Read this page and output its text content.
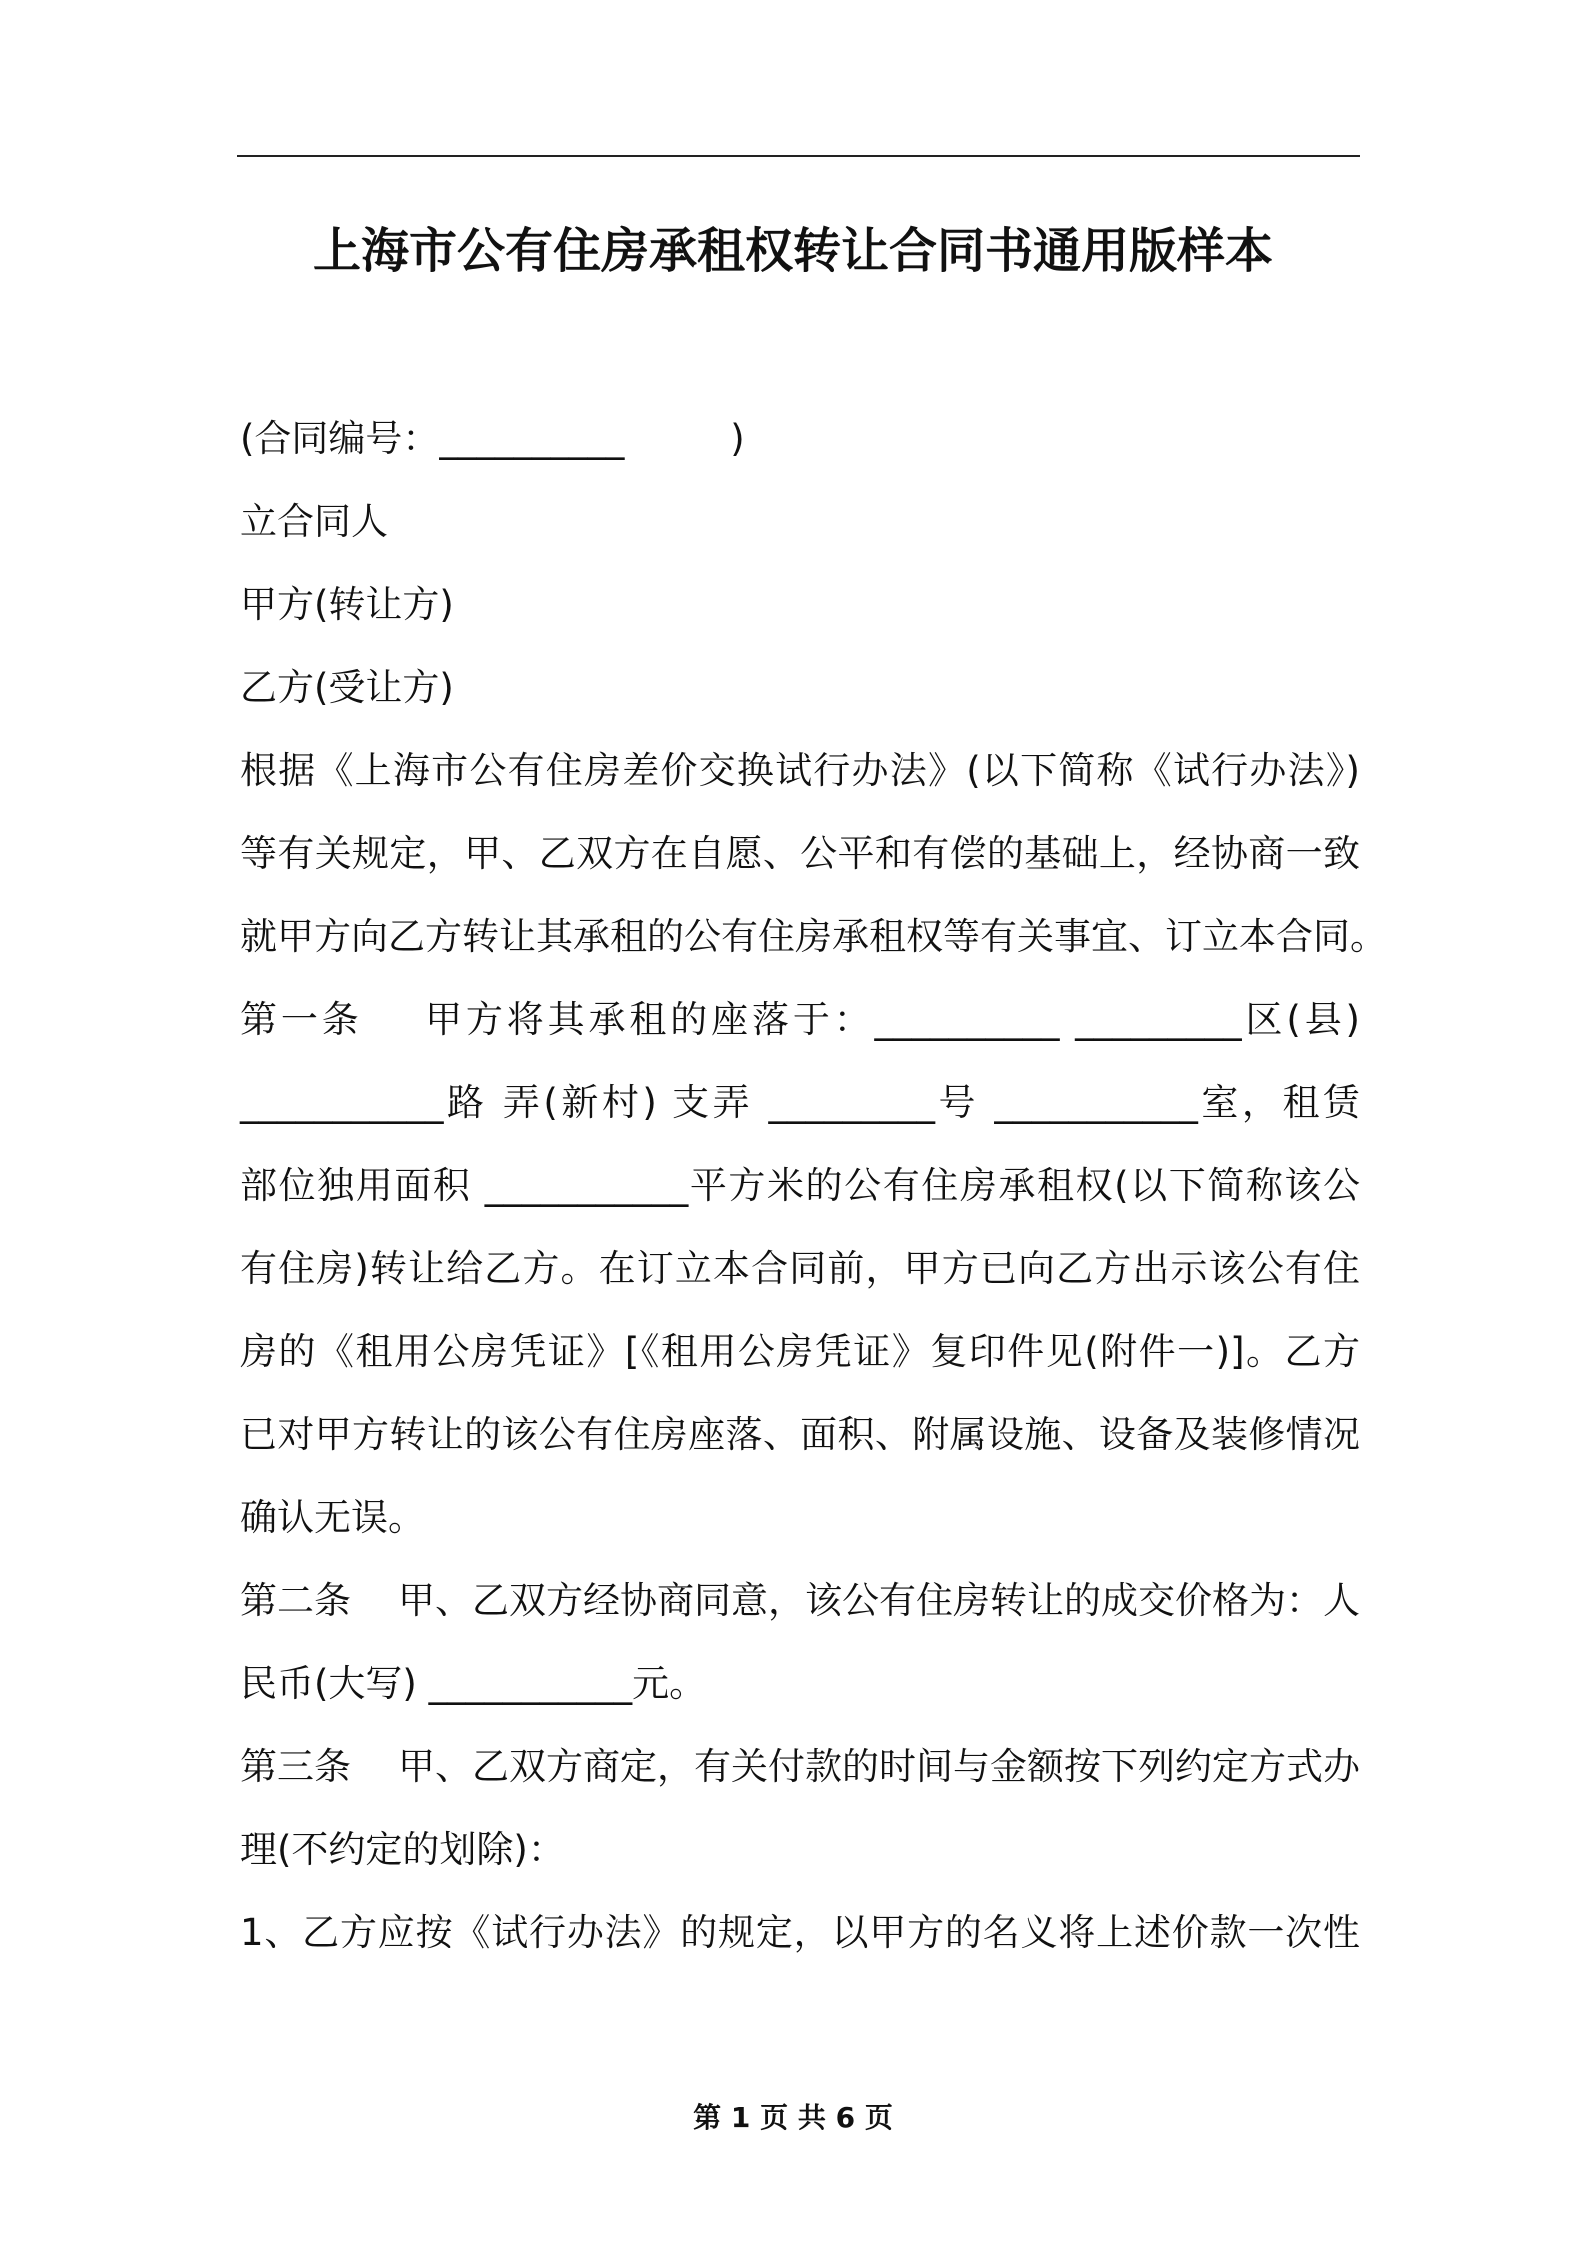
上海市公有住房承租权转让合同书通用版样本
(合同编号：__________         )
立合同人
甲方(转让方)
乙方(受让方)
根据《上海市公有住房差价交换试行办法》(以下简称《试行办法》)
等有关规定，甲、乙双方在自愿、公平和有偿的基础上，经协商一致
就甲方向乙方转让其承租的公有住房承租权等有关事宜、订立本合同。
第一条    甲方将其承租的座落于：__________ _________区(县)
___________路 弄(新村) 支弄 _________号 ___________室，租赁
部位独用面积 ___________平方米的公有住房承租权(以下简称该公
有住房)转让给乙方。在订立本合同前，甲方已向乙方出示该公有住
房的《租用公房凭证》[《租用公房凭证》复印件见(附件一)]。乙方
已对甲方转让的该公有住房座落、面积、附属设施、设备及装修情况
确认无误。
第二条    甲、乙双方经协商同意，该公有住房转让的成交价格为：人
民币(大写) ___________元。
第三条    甲、乙双方商定，有关付款的时间与金额按下列约定方式办
理(不约定的划除)：
1、乙方应按《试行办法》的规定，以甲方的名义将上述价款一次性
第 1 页 共 6 页
